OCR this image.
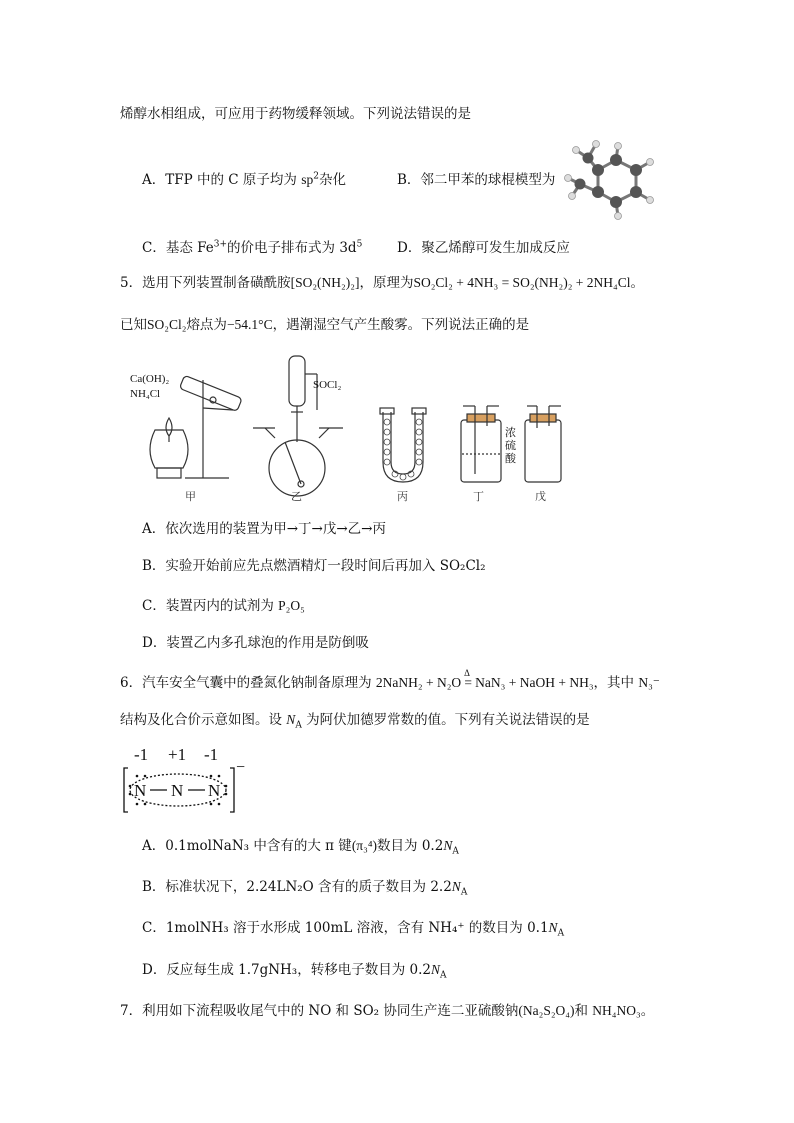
烯醇水相组成，可应用于药物缓释领域。下列说法错误的是
A．TFP 中的 C 原子均为 $sp^2$杂化	B．邻二甲苯的球棍模型为
C．基态 $Fe^{3+}$的价电子排布式为 $3d^5$	D．聚乙烯醇可发生加成反应
5．选用下列装置制备磺酰胺[SO₂(NH₂)₂]，原理为SO₂Cl₂ + 4NH₃ = SO₂(NH₂)₂ + 2NH₄Cl。
已知SO₂Cl₂熔点为−54.1°C，遇潮湿空气产生酸雾。下列说法正确的是
Ca(OH)₂
NH₄Cl
SOCl₂
浓
硫
酸
甲	乙	丙	丁	戊
A．依次选用的装置为甲→丁→戊→乙→丙
B．实验开始前应先点燃酒精灯一段时间后再加入 SO₂Cl₂
C．装置丙内的试剂为 P₂O₅
D．装置乙内多孔球泡的作用是防倒吸
6．汽车安全气囊中的叠氮化钠制备原理为 2NaNH₂ + N₂O
Δ
= NaN₃ + NaOH + NH₃，其中 N₃⁻
结构及化合价示意如图。设 $N_A$ 为阿伏加德罗常数的值。下列有关说法错误的是
-1 +1 -1
N N N
−
A．0.1molNaN₃ 中含有的大 π 键(π₃⁴)数目为 $0.2N_A$
B．标准状况下，2.24LN₂O 含有的质子数目为 $2.2N_A$
C．1molNH₃ 溶于水形成 100mL 溶液，含有 NH₄⁺ 的数目为 $0.1N_A$
D．反应每生成 1.7gNH₃，转移电子数目为 $0.2N_A$
7．利用如下流程吸收尾气中的 NO 和 SO₂ 协同生产连二亚硫酸钠(Na₂S₂O₄)和 NH₄NO₃。
